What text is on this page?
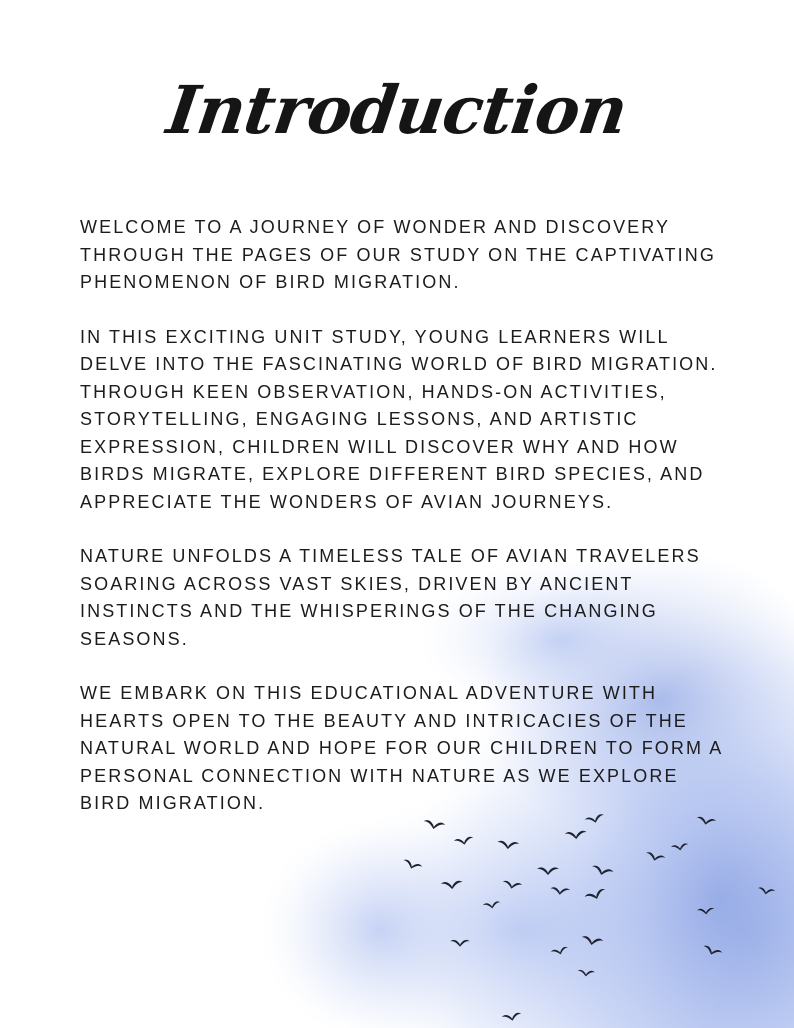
Introduction

WELCOME TO A JOURNEY OF WONDER AND DISCOVERY
THROUGH THE PAGES OF OUR STUDY ON THE CAPTIVATING
PHENOMENON OF BIRD MIGRATION.

IN THIS EXCITING UNIT STUDY, YOUNG LEARNERS WILL
DELVE INTO THE FASCINATING WORLD OF BIRD MIGRATION.
THROUGH KEEN OBSERVATION, HANDS-ON ACTIVITIES,
STORYTELLING, ENGAGING LESSONS, AND ARTISTIC
EXPRESSION, CHILDREN WILL DISCOVER WHY AND HOW
BIRDS MIGRATE, EXPLORE DIFFERENT BIRD SPECIES, AND
APPRECIATE THE WONDERS OF AVIAN JOURNEYS.

NATURE UNFOLDS A TIMELESS TALE OF AVIAN TRAVELERS
SOARING ACROSS VAST SKIES, DRIVEN BY ANCIENT
INSTINCTS AND THE WHISPERINGS OF THE CHANGING
SEASONS.

WE EMBARK ON THIS EDUCATIONAL ADVENTURE WITH
HEARTS OPEN TO THE BEAUTY AND INTRICACIES OF THE
NATURAL WORLD AND HOPE FOR OUR CHILDREN TO FORM A
PERSONAL CONNECTION WITH NATURE AS WE EXPLORE
BIRD MIGRATION.
